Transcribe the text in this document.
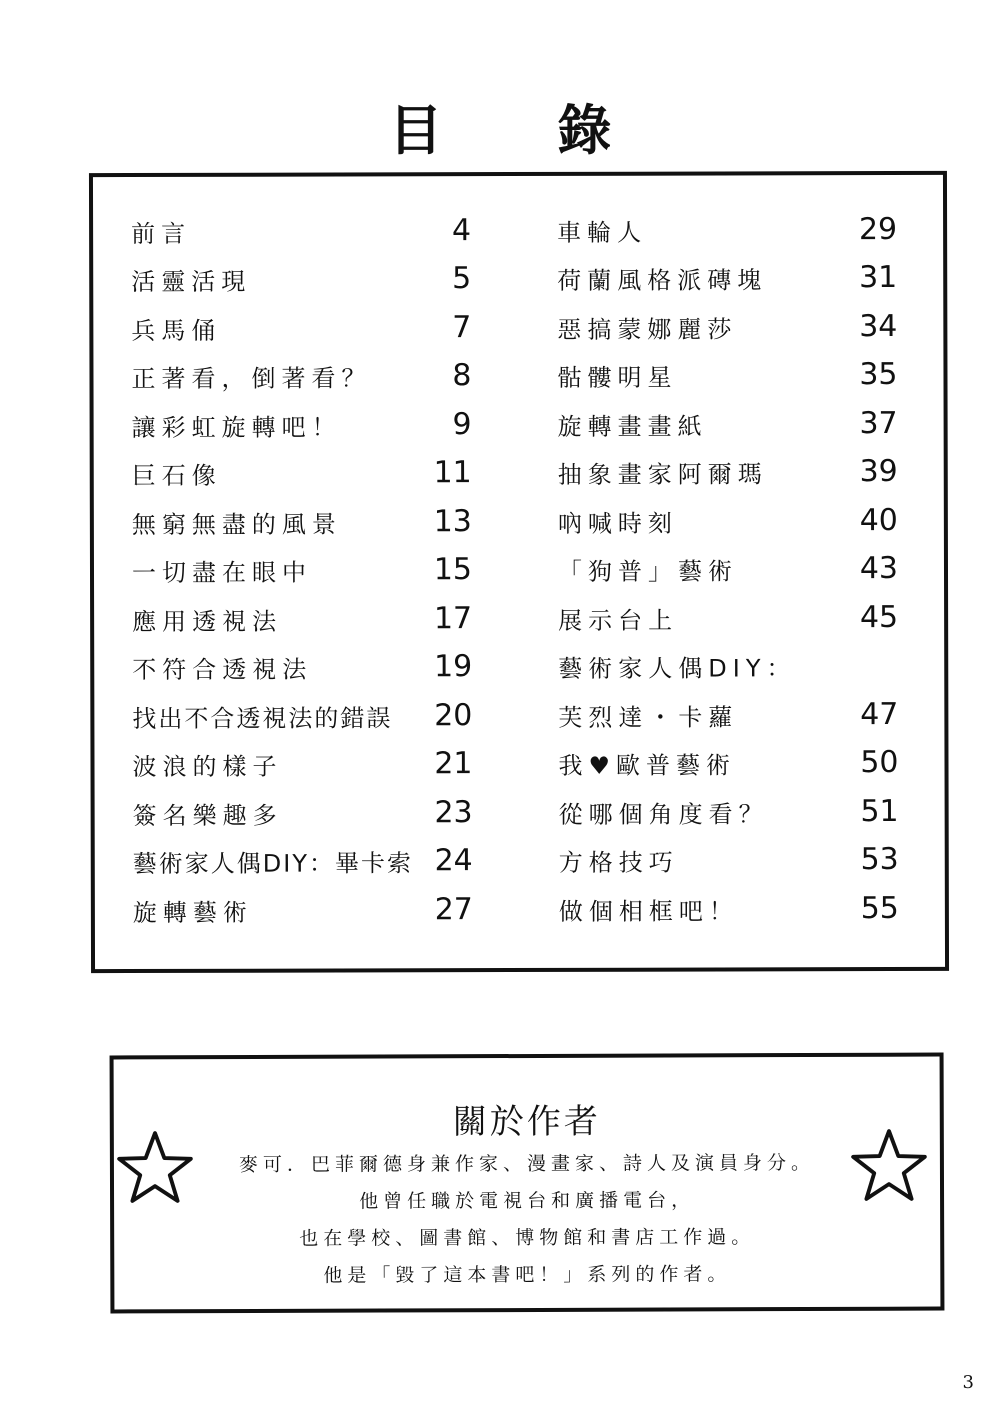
目 錄
前言	4
活靈活現	5
兵馬俑	7
正著看，倒著看？	8
讓彩虹旋轉吧！	9
巨石像	11
無窮無盡的風景	13
一切盡在眼中	15
應用透視法	17
不符合透視法	19
找出不合透視法的錯誤 20
波浪的樣子	21
簽名樂趣多	23
藝術家人偶DIY：畢卡索 24
旋轉藝術	27
車輪人	29
荷蘭風格派磚塊	31
惡搞蒙娜麗莎	34
骷髏明星	35
旋轉畫畫紙	37
抽象畫家阿爾瑪	39
吶喊時刻	40
「狗普」藝術	43
展示台上	45
藝術家人偶DIY：
芙烈達・卡蘿	47
我♥歐普藝術	50
從哪個角度看？	51
方格技巧	53
做個相框吧！	55
關於作者
麥可．巴菲爾德身兼作家、漫畫家、詩人及演員身分。
他曾任職於電視台和廣播電台，
也在學校、圖書館、博物館和書店工作過。
他是「毀了這本書吧！」系列的作者。
3
